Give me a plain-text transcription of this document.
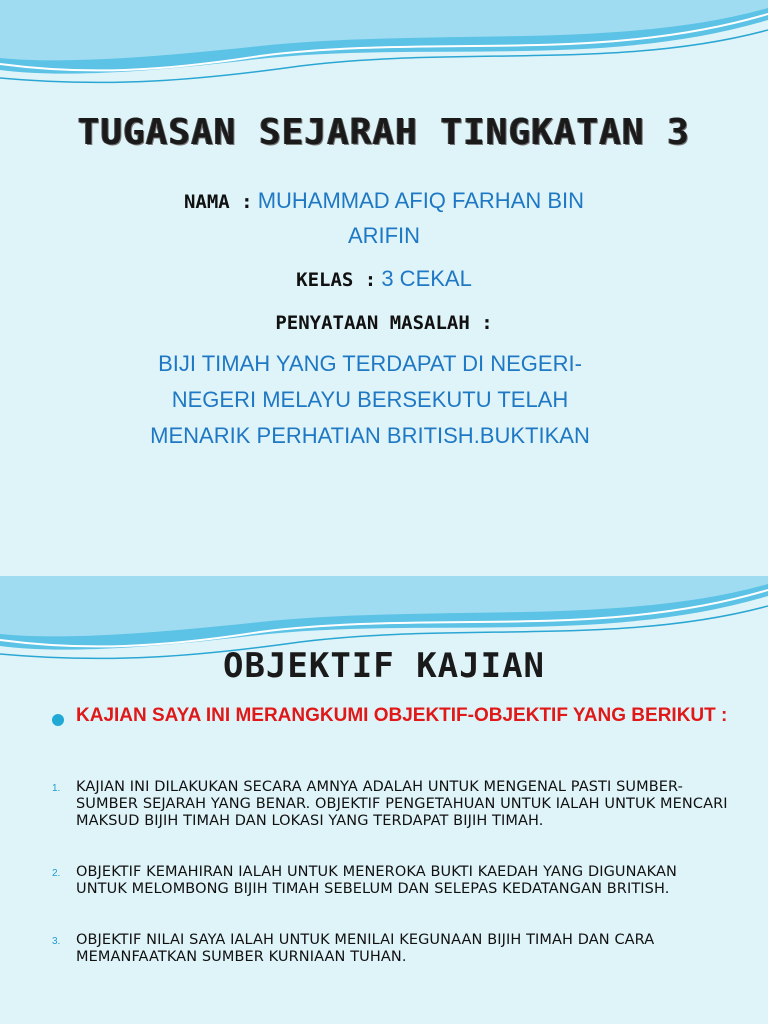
TUGASAN SEJARAH TINGKATAN 3
NAMA : MUHAMMAD AFIQ FARHAN BIN
ARIFIN
KELAS : 3 CEKAL
PENYATAAN MASALAH :
BIJI TIMAH YANG TERDAPAT DI NEGERI-
NEGERI MELAYU BERSEKUTU TELAH
MENARIK PERHATIAN BRITISH.BUKTIKAN
OBJEKTIF KAJIAN
KAJIAN SAYA INI MERANGKUMI OBJEKTIF-OBJEKTIF YANG BERIKUT :
1.	KAJIAN INI DILAKUKAN SECARA AMNYA ADALAH UNTUK MENGENAL PASTI SUMBER-SUMBER SEJARAH YANG BENAR. OBJEKTIF PENGETAHUAN UNTUK IALAH UNTUK MENCARI MAKSUD BIJIH TIMAH DAN LOKASI YANG TERDAPAT BIJIH TIMAH.
2.	OBJEKTIF KEMAHIRAN IALAH UNTUK MENEROKA BUKTI KAEDAH YANG DIGUNAKAN UNTUK MELOMBONG BIJIH TIMAH SEBELUM DAN SELEPAS KEDATANGAN BRITISH.
3.	OBJEKTIF NILAI SAYA IALAH UNTUK MENILAI KEGUNAAN BIJIH TIMAH DAN CARA MEMANFAATKAN SUMBER KURNIAAN TUHAN.
